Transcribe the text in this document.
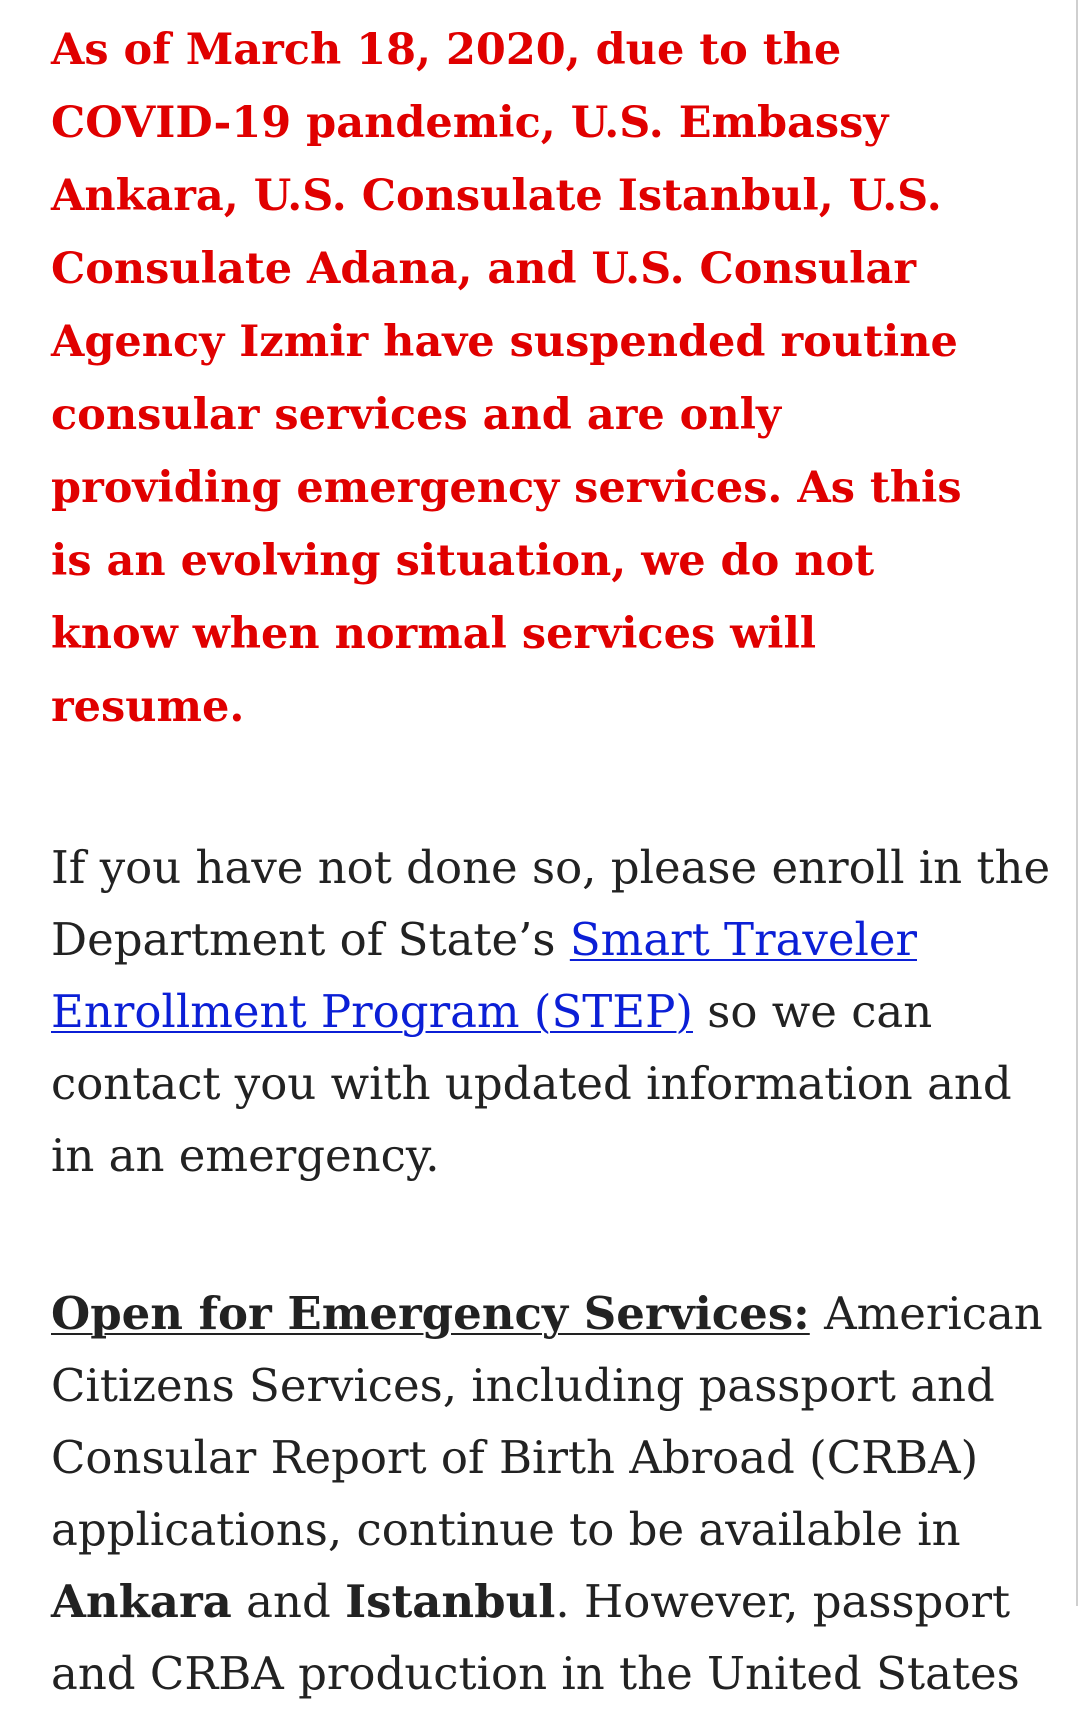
As of March 18, 2020, due to the COVID-19 pandemic, U.S. Embassy Ankara, U.S. Consulate Istanbul, U.S. Consulate Adana, and U.S. Consular Agency Izmir have suspended routine consular services and are only providing emergency services. As this is an evolving situation, we do not know when normal services will resume.

If you have not done so, please enroll in the Department of State’s Smart Traveler Enrollment Program (STEP) so we can contact you with updated information and in an emergency.

Open for Emergency Services: American Citizens Services, including passport and Consular Report of Birth Abroad (CRBA) applications, continue to be available in Ankara and Istanbul. However, passport and CRBA production in the United States
